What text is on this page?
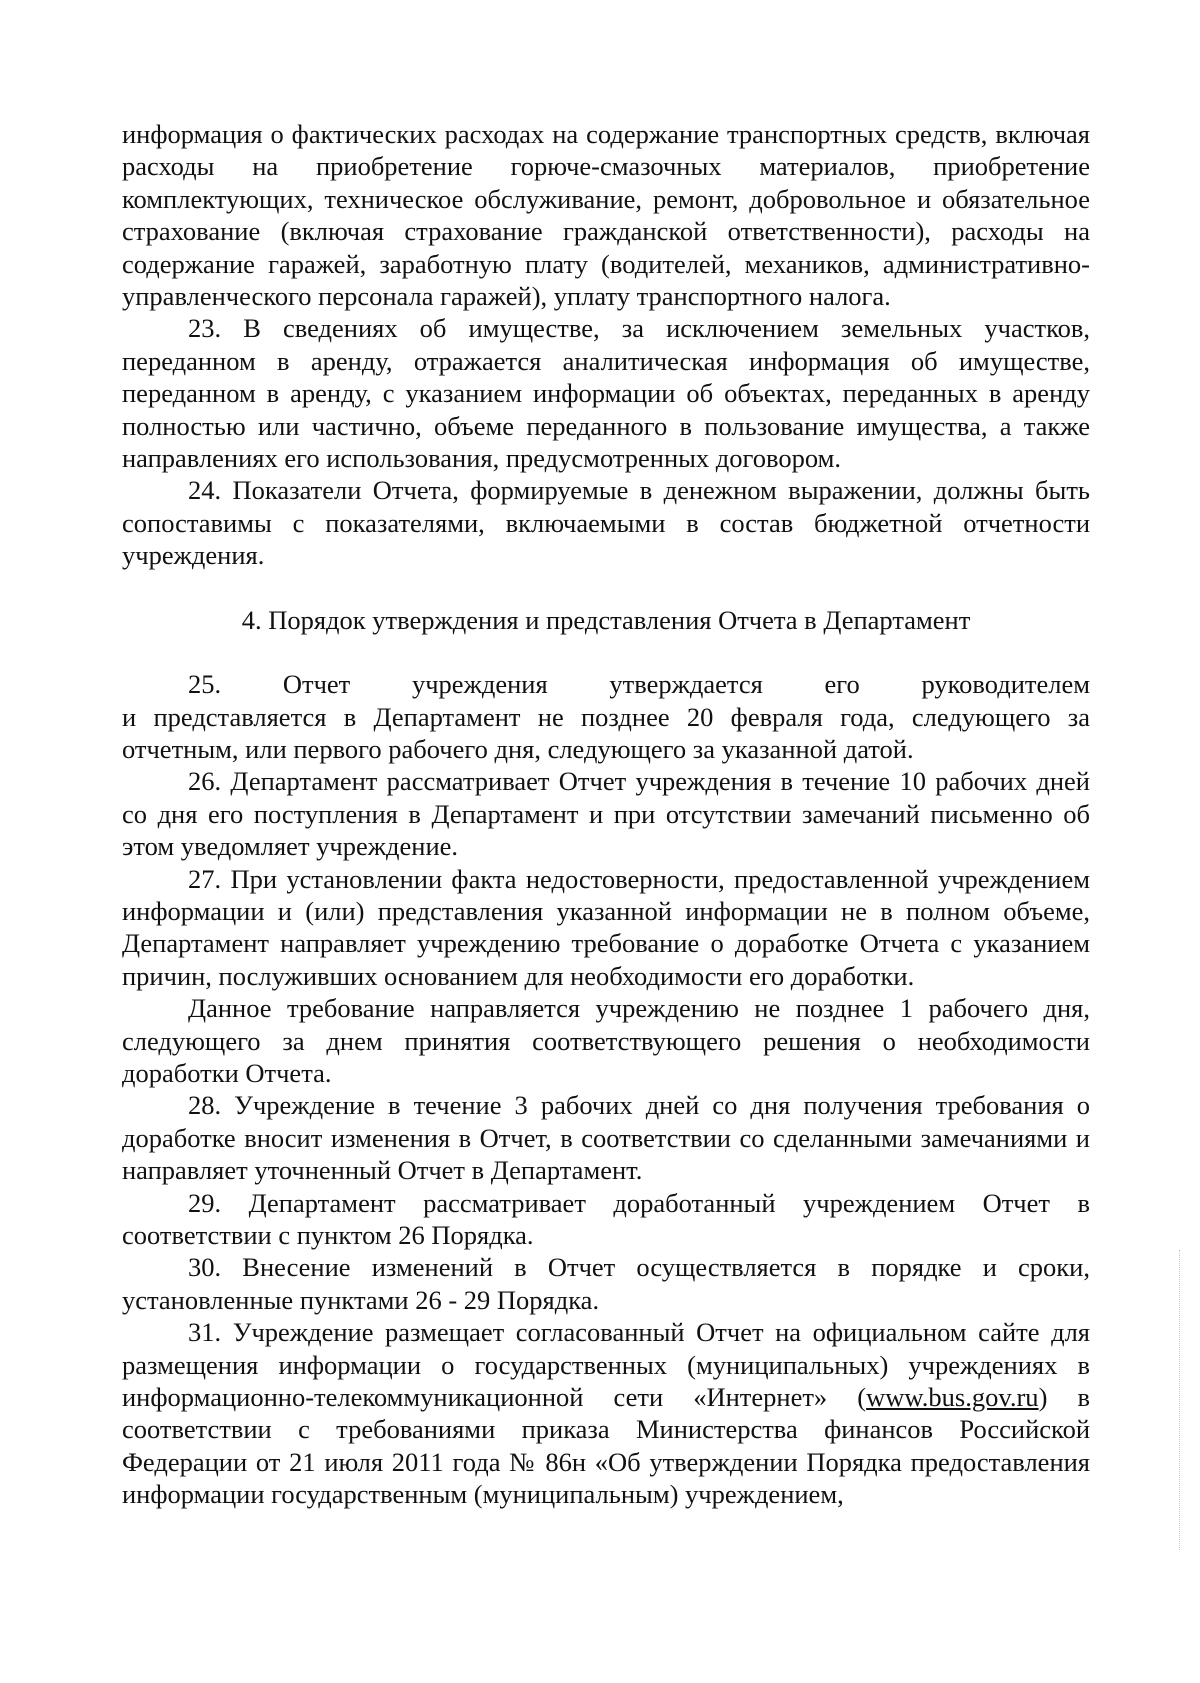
информация о фактических расходах на содержание транспортных средств, включая расходы на приобретение горюче-смазочных материалов, приобретение комплектующих, техническое обслуживание, ремонт, добровольное и обязательное страхование (включая страхование гражданской ответственности), расходы на содержание гаражей, заработную плату (водителей, механиков, административно-управленческого персонала гаражей), уплату транспортного налога.

23. В сведениях об имуществе, за исключением земельных участков, переданном в аренду, отражается аналитическая информация об имуществе, переданном в аренду, с указанием информации об объектах, переданных в аренду полностью или частично, объеме переданного в пользование имущества, а также направлениях его использования, предусмотренных договором.

24. Показатели Отчета, формируемые в денежном выражении, должны быть сопоставимы с показателями, включаемыми в состав бюджетной отчетности учреждения.

4. Порядок утверждения и представления Отчета в Департамент

25. Отчет учреждения утверждается его руководителем

и представляется в Департамент не позднее 20 февраля года, следующего за отчетным, или первого рабочего дня, следующего за указанной датой.

26. Департамент рассматривает Отчет учреждения в течение 10 рабочих дней со дня его поступления в Департамент и при отсутствии замечаний письменно об этом уведомляет учреждение.

27. При установлении факта недостоверности, предоставленной учреждением информации и (или) представления указанной информации не в полном объеме, Департамент направляет учреждению требование о доработке Отчета с указанием причин, послуживших основанием для необходимости его доработки.

Данное требование направляется учреждению не позднее 1 рабочего дня, следующего за днем принятия соответствующего решения о необходимости доработки Отчета.

28. Учреждение в течение 3 рабочих дней со дня получения требования о доработке вносит изменения в Отчет, в соответствии со сделанными замечаниями и направляет уточненный Отчет в Департамент.

29. Департамент рассматривает доработанный учреждением Отчет в соответствии с пунктом 26 Порядка.

30. Внесение изменений в Отчет осуществляется в порядке и сроки, установленные пунктами 26 - 29 Порядка.

31. Учреждение размещает согласованный Отчет на официальном сайте для размещения информации о государственных (муниципальных) учреждениях в информационно-телекоммуникационной сети «Интернет» (www.bus.gov.ru) в соответствии с требованиями приказа Министерства финансов Российской Федерации от 21 июля 2011 года № 86н «Об утверждении Порядка предоставления информации государственным (муниципальным) учреждением,
